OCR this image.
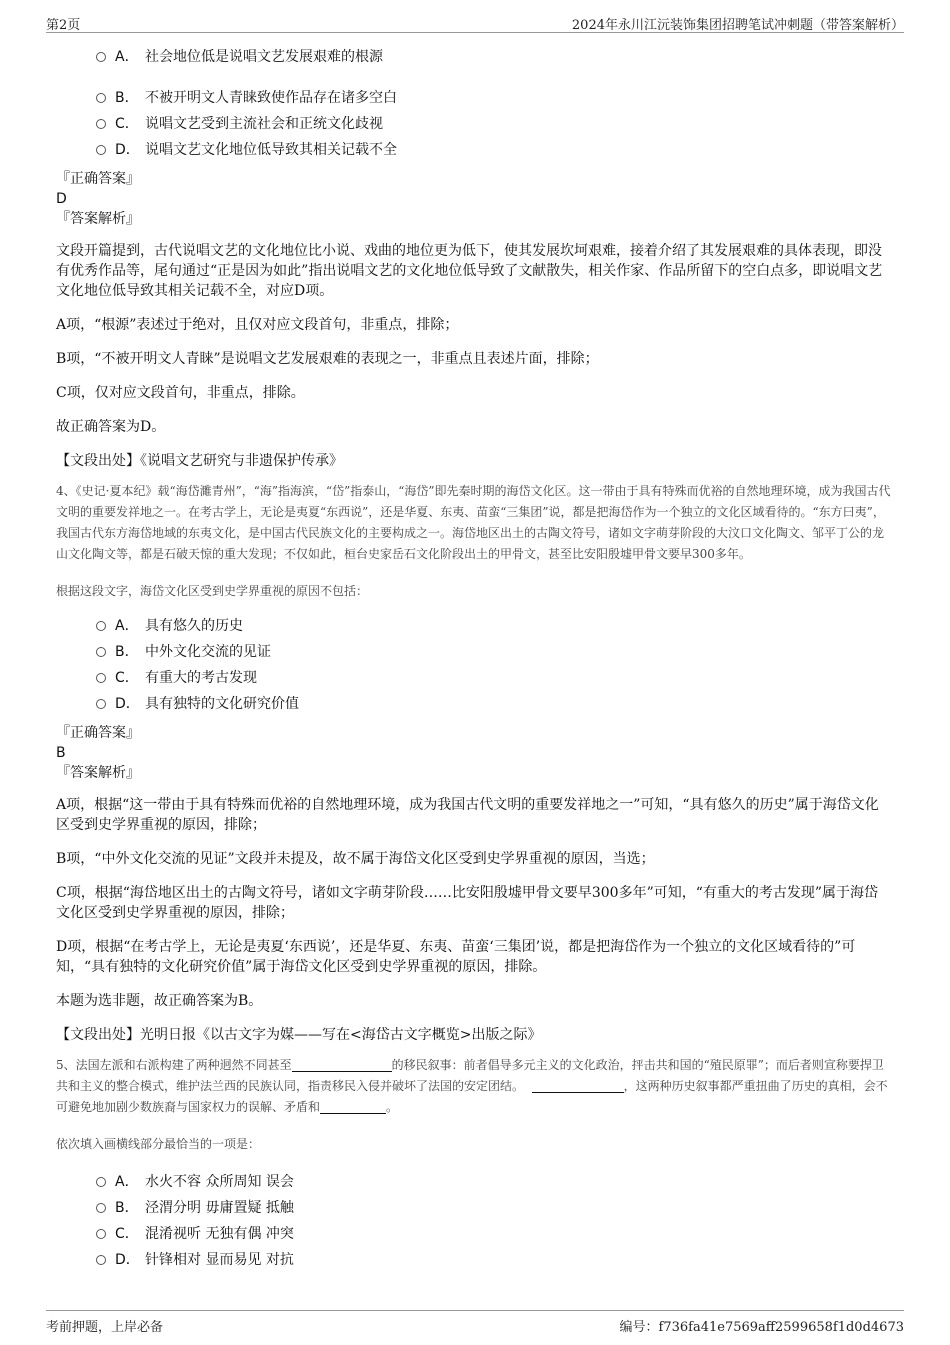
第2页	2024年永川江沅装饰集团招聘笔试冲刺题（带答案解析）
A． 社会地位低是说唱文艺发展艰难的根源
B． 不被开明文人青睐致使作品存在诸多空白
C． 说唱文艺受到主流社会和正统文化歧视
D． 说唱文艺文化地位低导致其相关记载不全
『正确答案』
D
『答案解析』
文段开篇提到，古代说唱文艺的文化地位比小说、戏曲的地位更为低下，使其发展坎坷艰难，接着介绍了其发展艰难的具体表现，即没有优秀作品等，尾句通过“正是因为如此”指出说唱文艺的文化地位低导致了文献散失，相关作家、作品所留下的空白点多，即说唱文艺文化地位低导致其相关记载不全，对应D项。
A项，“根源”表述过于绝对，且仅对应文段首句，非重点，排除；
B项，“不被开明文人青睐”是说唱文艺发展艰难的表现之一，非重点且表述片面，排除；
C项，仅对应文段首句，非重点，排除。
故正确答案为D。
【文段出处】《说唱文艺研究与非遗保护传承》
4、《史记·夏本纪》载“海岱濉青州”，“海”指海滨，“岱”指泰山，“海岱”即先秦时期的海岱文化区。这一带由于具有特殊而优裕的自然地理环境，成为我国古代文明的重要发祥地之一。在考古学上，无论是夷夏“东西说”，还是华夏、东夷、苗蛮“三集团”说，都是把海岱作为一个独立的文化区域看待的。“东方曰夷”，我国古代东方海岱地域的东夷文化，是中国古代民族文化的主要构成之一。海岱地区出土的古陶文符号，诸如文字萌芽阶段的大汶口文化陶文、邹平丁公的龙山文化陶文等，都是石破天惊的重大发现；不仅如此，桓台史家岳石文化阶段出土的甲骨文，甚至比安阳殷墟甲骨文要早300多年。
根据这段文字，海岱文化区受到史学界重视的原因不包括：
A． 具有悠久的历史
B． 中外文化交流的见证
C． 有重大的考古发现
D． 具有独特的文化研究价值
『正确答案』
B
『答案解析』
A项，根据“这一带由于具有特殊而优裕的自然地理环境，成为我国古代文明的重要发祥地之一”可知，“具有悠久的历史”属于海岱文化区受到史学界重视的原因，排除；
B项，“中外文化交流的见证”文段并未提及，故不属于海岱文化区受到史学界重视的原因，当选；
C项，根据“海岱地区出土的古陶文符号，诸如文字萌芽阶段……比安阳殷墟甲骨文要早300多年”可知，“有重大的考古发现”属于海岱文化区受到史学界重视的原因，排除；
D项，根据“在考古学上，无论是夷夏‘东西说’，还是华夏、东夷、苗蛮‘三集团’说，都是把海岱作为一个独立的文化区域看待的”可知，“具有独特的文化研究价值”属于海岱文化区受到史学界重视的原因，排除。
本题为选非题，故正确答案为B。
【文段出处】光明日报《以古文字为媒——写在<海岱古文字概览>出版之际》
5、法国左派和右派构建了两种迥然不同甚至	的移民叙事：前者倡导多元主义的文化政治，抨击共和国的“殖民原罪”；而后者则宣称要捍卫共和主义的整合模式，维护法兰西的民族认同，指责移民入侵并破坏了法国的安定团结。	，这两种历史叙事都严重扭曲了历史的真相，会不可避免地加剧少数族裔与国家权力的误解、矛盾和	。
依次填入画横线部分最恰当的一项是：
A． 水火不容 众所周知 误会
B． 泾渭分明 毋庸置疑 抵触
C． 混淆视听 无独有偶 冲突
D． 针锋相对 显而易见 对抗
考前押题，上岸必备	编号：f736fa41e7569aff2599658f1d0d4673
